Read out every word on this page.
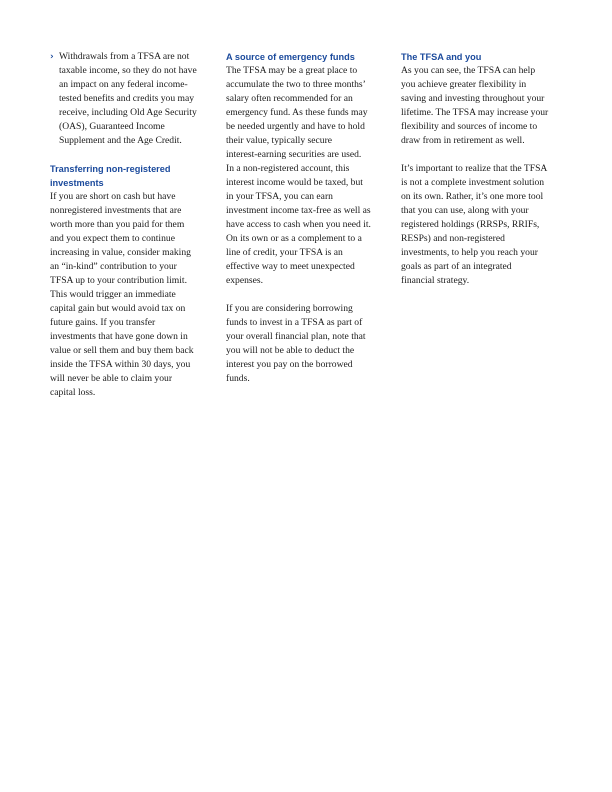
› Withdrawals from a TFSA are not
taxable income, so they do not have
an impact on any federal income-
tested benefits and credits you may
receive, including Old Age Security
(OAS), Guaranteed Income
Supplement and the Age Credit.

Transferring non-registered
investments

If you are short on cash but have
nonregistered investments that are
worth more than you paid for them
and you expect them to continue
increasing in value, consider making
an “in-kind” contribution to your
TFSA up to your contribution limit.
This would trigger an immediate
capital gain but would avoid tax on
future gains. If you transfer
investments that have gone down in
value or sell them and buy them back
inside the TFSA within 30 days, you
will never be able to claim your
capital loss.

A source of emergency funds

The TFSA may be a great place to
accumulate the two to three months’
salary often recommended for an
emergency fund. As these funds may
be needed urgently and have to hold
their value, typically secure
interest-earning securities are used.
In a non-registered account, this
interest income would be taxed, but
in your TFSA, you can earn
investment income tax-free as well as
have access to cash when you need it.
On its own or as a complement to a
line of credit, your TFSA is an
effective way to meet unexpected
expenses.

If you are considering borrowing
funds to invest in a TFSA as part of
your overall financial plan, note that
you will not be able to deduct the
interest you pay on the borrowed
funds.

The TFSA and you

As you can see, the TFSA can help
you achieve greater flexibility in
saving and investing throughout your
lifetime. The TFSA may increase your
flexibility and sources of income to
draw from in retirement as well.

It’s important to realize that the TFSA
is not a complete investment solution
on its own. Rather, it’s one more tool
that you can use, along with your
registered holdings (RRSPs, RRIFs,
RESPs) and non-registered
investments, to help you reach your
goals as part of an integrated
financial strategy.
